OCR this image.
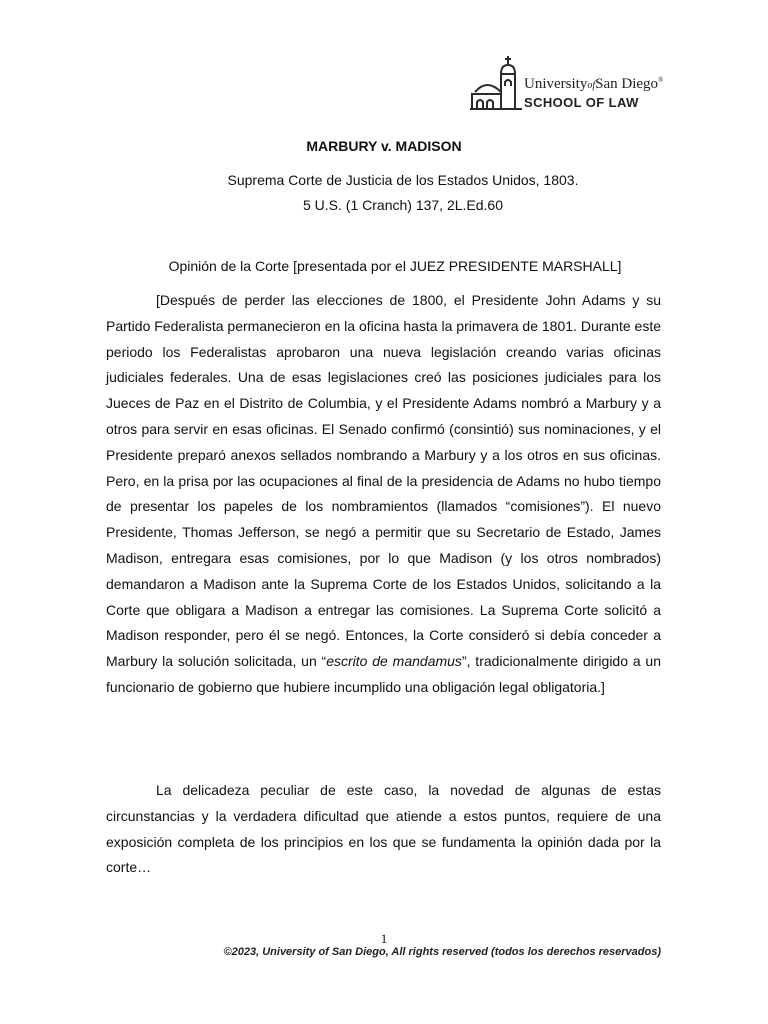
UniversityofSan Diego®
SCHOOL OF LAW
MARBURY v. MADISON
Suprema Corte de Justicia de los Estados Unidos, 1803.
5 U.S. (1 Cranch) 137, 2L.Ed.60
Opinión de la Corte [presentada por el JUEZ PRESIDENTE MARSHALL]

[Después de perder las elecciones de 1800, el Presidente John Adams y su Partido Federalista permanecieron en la oficina hasta la primavera de 1801. Durante este periodo los Federalistas aprobaron una nueva legislación creando varias oficinas judiciales federales. Una de esas legislaciones creó las posiciones judiciales para los Jueces de Paz en el Distrito de Columbia, y el Presidente Adams nombró a Marbury y a otros para servir en esas oficinas. El Senado confirmó (consintió) sus nominaciones, y el Presidente preparó anexos sellados nombrando a Marbury y a los otros en sus oficinas. Pero, en la prisa por las ocupaciones al final de la presidencia de Adams no hubo tiempo de presentar los papeles de los nombramientos (llamados “comisiones”). El nuevo Presidente, Thomas Jefferson, se negó a permitir que su Secretario de Estado, James Madison, entregara esas comisiones, por lo que Madison (y los otros nombrados) demandaron a Madison ante la Suprema Corte de los Estados Unidos, solicitando a la Corte que obligara a Madison a entregar las comisiones. La Suprema Corte solicitó a Madison responder, pero él se negó. Entonces, la Corte consideró si debía conceder a Marbury la solución solicitada, un “escrito de mandamus”, tradicionalmente dirigido a un funcionario de gobierno que hubiere incumplido una obligación legal obligatoria.]

La delicadeza peculiar de este caso, la novedad de algunas de estas circunstancias y la verdadera dificultad que atiende a estos puntos, requiere de una exposición completa de los principios en los que se fundamenta la opinión dada por la corte…

1
©2023, University of San Diego, All rights reserved (todos los derechos reservados)
